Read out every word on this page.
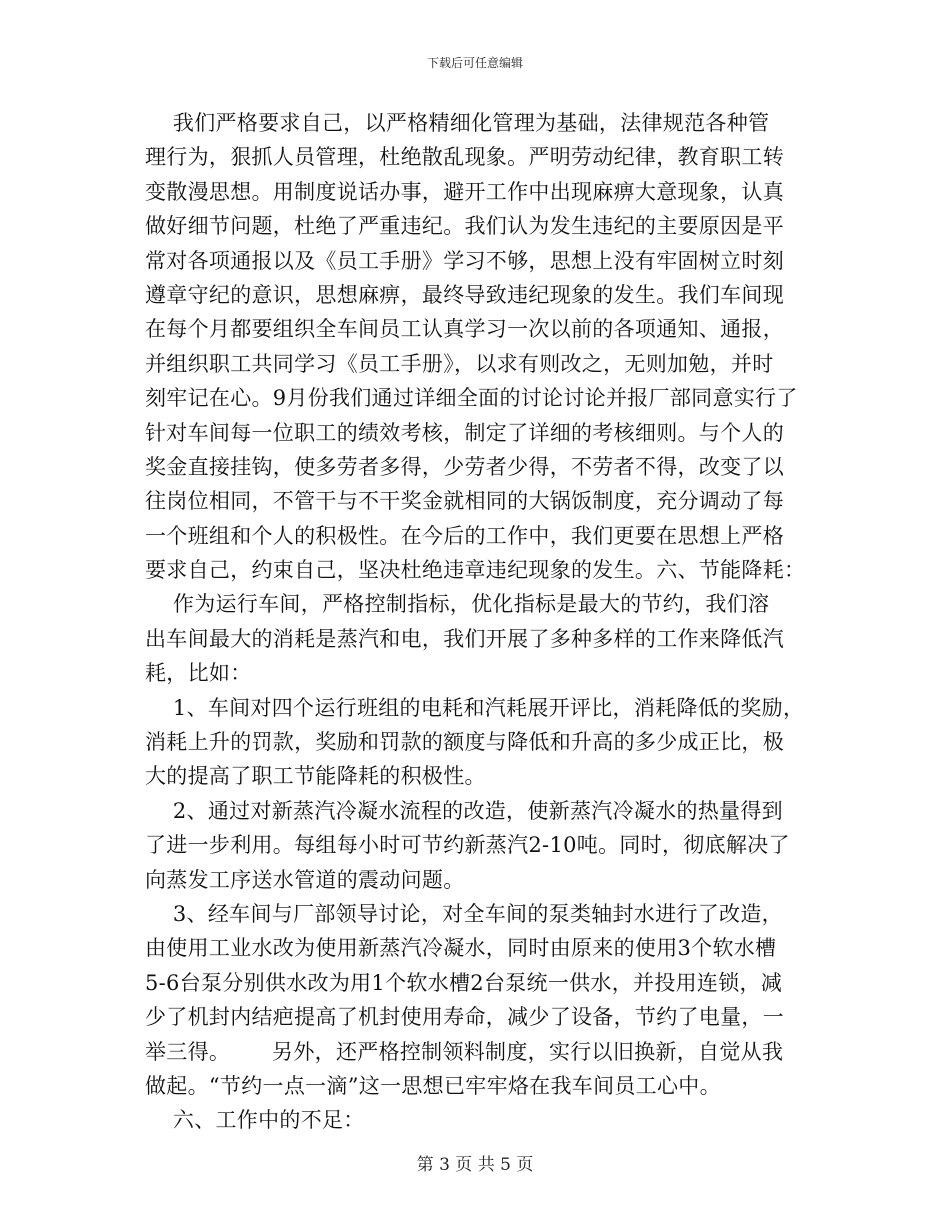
下载后可任意编辑
我们严格要求自己，以严格精细化管理为基础，法律规范各种管
理行为，狠抓人员管理，杜绝散乱现象。严明劳动纪律，教育职工转
变散漫思想。用制度说话办事，避开工作中出现麻痹大意现象，认真
做好细节问题，杜绝了严重违纪。我们认为发生违纪的主要原因是平
常对各项通报以及《员工手册》学习不够，思想上没有牢固树立时刻
遵章守纪的意识，思想麻痹，最终导致违纪现象的发生。我们车间现
在每个月都要组织全车间员工认真学习一次以前的各项通知、通报，
并组织职工共同学习《员工手册》，以求有则改之，无则加勉，并时
刻牢记在心。9月份我们通过详细全面的讨论讨论并报厂部同意实行了
针对车间每一位职工的绩效考核，制定了详细的考核细则。与个人的
奖金直接挂钩，使多劳者多得，少劳者少得，不劳者不得，改变了以
往岗位相同，不管干与不干奖金就相同的大锅饭制度，充分调动了每
一个班组和个人的积极性。在今后的工作中，我们更要在思想上严格
要求自己，约束自己，坚决杜绝违章违纪现象的发生。六、节能降耗：
作为运行车间，严格控制指标，优化指标是最大的节约，我们溶
出车间最大的消耗是蒸汽和电，我们开展了多种多样的工作来降低汽
耗，比如：
1、车间对四个运行班组的电耗和汽耗展开评比，消耗降低的奖励，
消耗上升的罚款，奖励和罚款的额度与降低和升高的多少成正比，极
大的提高了职工节能降耗的积极性。
2、通过对新蒸汽冷凝水流程的改造，使新蒸汽冷凝水的热量得到
了进一步利用。每组每小时可节约新蒸汽2-10吨。同时，彻底解决了
向蒸发工序送水管道的震动问题。
3、经车间与厂部领导讨论，对全车间的泵类轴封水进行了改造，
由使用工业水改为使用新蒸汽冷凝水，同时由原来的使用3个软水槽
5-6台泵分别供水改为用1个软水槽2台泵统一供水，并投用连锁，减
少了机封内结疤提高了机封使用寿命，减少了设备，节约了电量，一
举三得。      另外，还严格控制领料制度，实行以旧换新，自觉从我
做起。“节约一点一滴”这一思想已牢牢烙在我车间员工心中。
六、工作中的不足：
第 3 页 共 5 页
